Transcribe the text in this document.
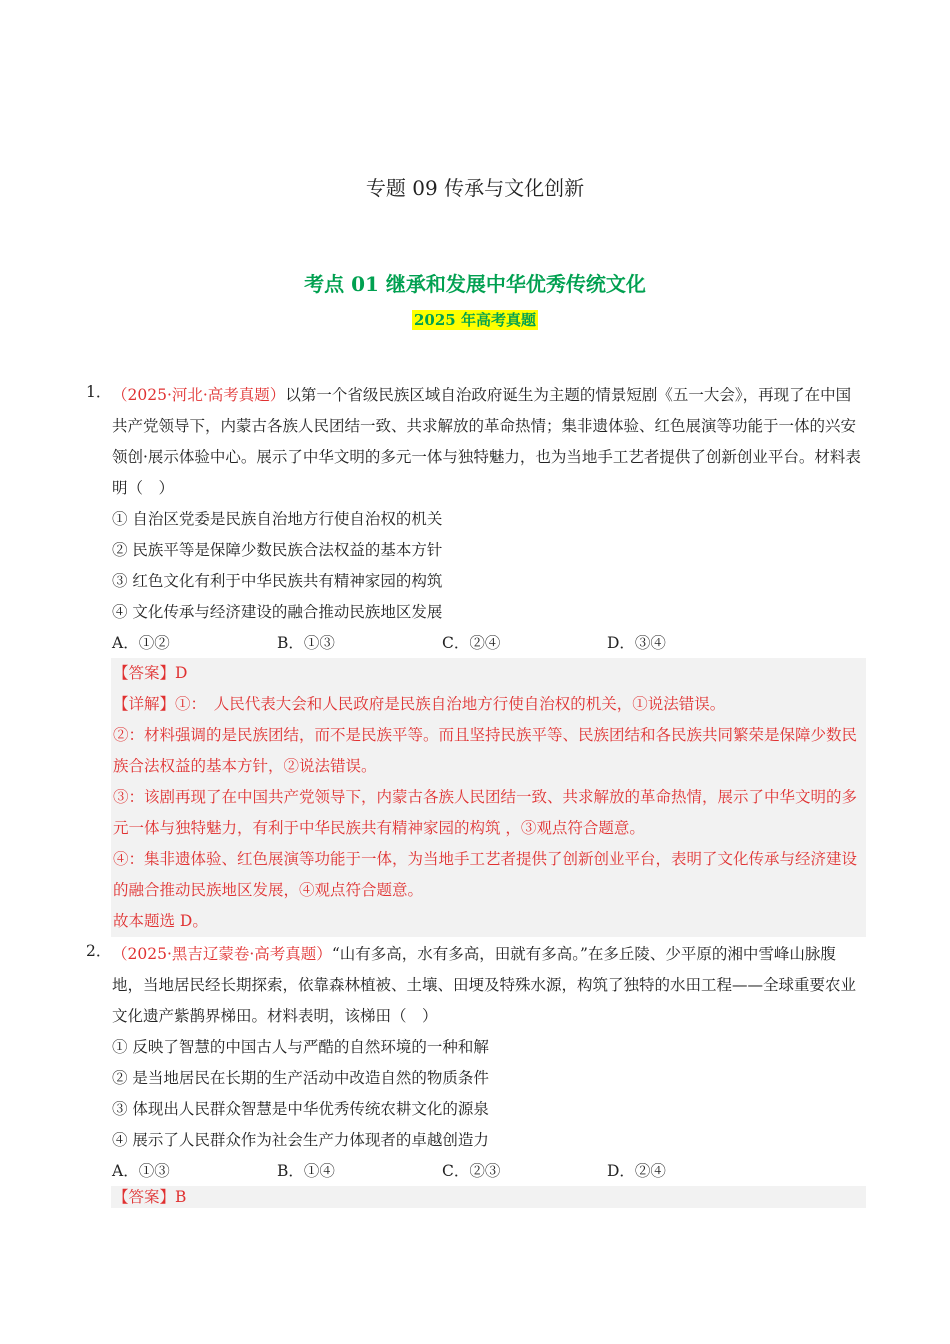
专题 09 传承与文化创新
考点 01 继承和发展中华优秀传统文化
2025 年高考真题
1． （2025·河北·高考真题）以第一个省级民族区域自治政府诞生为主题的情景短剧《五一大会》，再现了在中国共产党领导下，内蒙古各族人民团结一致、共求解放的革命热情；集非遗体验、红色展演等功能于一体的兴安领创·展示体验中心。展示了中华文明的多元一体与独特魅力，也为当地手工艺者提供了创新创业平台。材料表明（　）
① 自治区党委是民族自治地方行使自治权的机关
② 民族平等是保障少数民族合法权益的基本方针
③ 红色文化有利于中华民族共有精神家园的构筑
④ 文化传承与经济建设的融合推动民族地区发展
A．①②	B．①③	C．②④	D．③④

【答案】D

【详解】①：　人民代表大会和人民政府是民族自治地方行使自治权的机关，①说法错误。

②：材料强调的是民族团结，而不是民族平等。而且坚持民族平等、民族团结和各民族共同繁荣是保障少数民族合法权益的基本方针，②说法错误。

③：该剧再现了在中国共产党领导下，内蒙古各族人民团结一致、共求解放的革命热情，展示了中华文明的多元一体与独特魅力，有利于中华民族共有精神家园的构筑 ，③观点符合题意。

④：集非遗体验、红色展演等功能于一体，为当地手工艺者提供了创新创业平台，表明了文化传承与经济建设的融合推动民族地区发展，④观点符合题意。

故本题选 D。

2． （2025·黑吉辽蒙卷·高考真题）“山有多高，水有多高，田就有多高。”在多丘陵、少平原的湘中雪峰山脉腹地，当地居民经长期探索，依靠森林植被、土壤、田埂及特殊水源，构筑了独特的水田工程——全球重要农业文化遗产紫鹊界梯田。材料表明，该梯田（　）
① 反映了智慧的中国古人与严酷的自然环境的一种和解
② 是当地居民在长期的生产活动中改造自然的物质条件
③ 体现出人民群众智慧是中华优秀传统农耕文化的源泉
④ 展示了人民群众作为社会生产力体现者的卓越创造力
A．①③	B．①④	C．②③	D．②④

【答案】B
